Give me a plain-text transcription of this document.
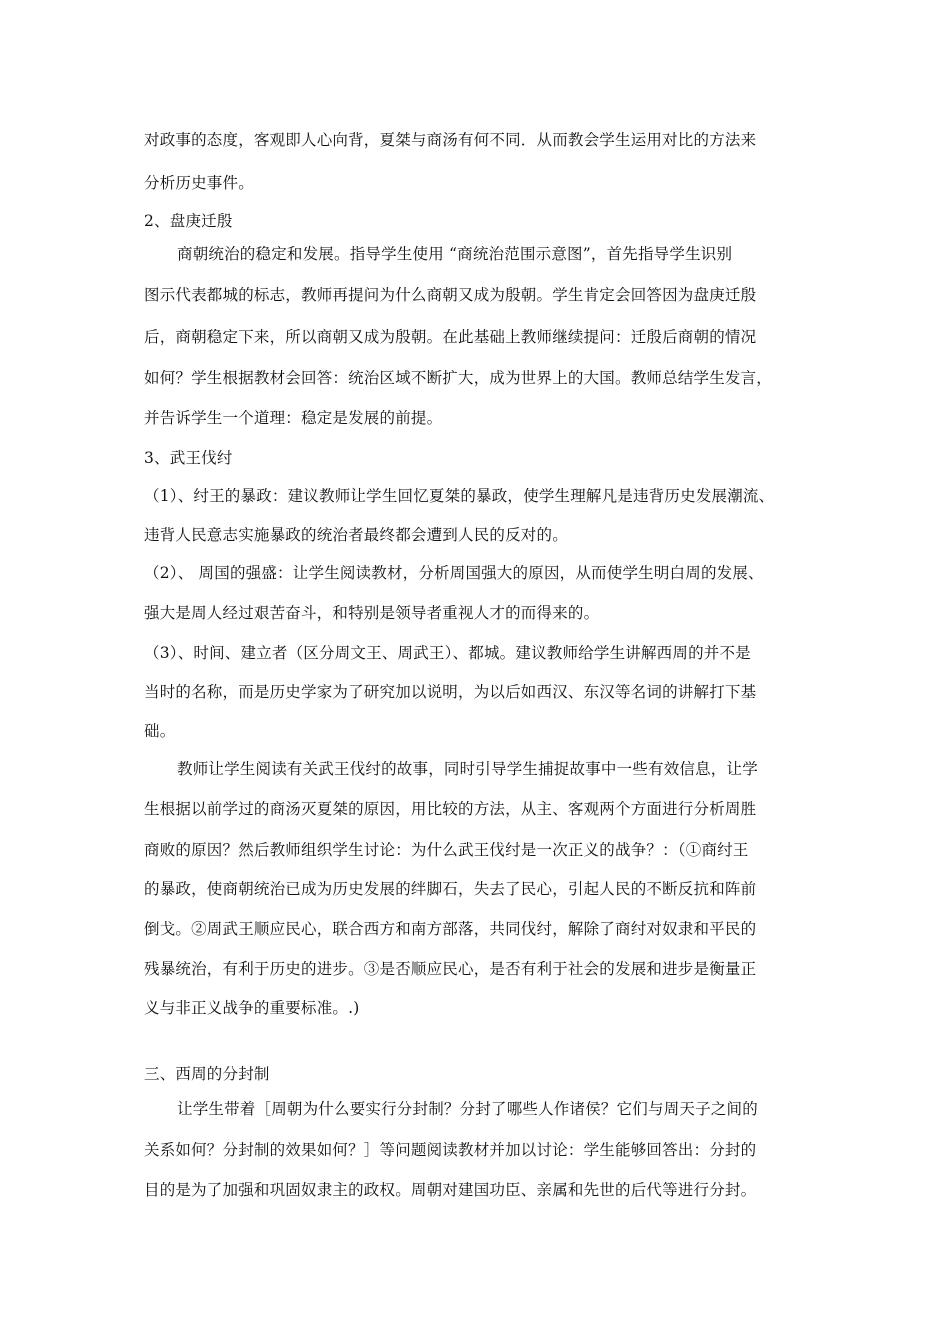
对政事的态度，客观即人心向背，夏桀与商汤有何不同．从而教会学生运用对比的方法来
分析历史事件。
2、盘庚迁殷
商朝统治的稳定和发展。指导学生使用 “商统治范围示意图”，首先指导学生识别
图示代表都城的标志，教师再提问为什么商朝又成为殷朝。学生肯定会回答因为盘庚迁殷
后，商朝稳定下来，所以商朝又成为殷朝。在此基础上教师继续提问：迁殷后商朝的情况
如何？学生根据教材会回答：统治区域不断扩大，成为世界上的大国。教师总结学生发言，
并告诉学生一个道理：稳定是发展的前提。
3、武王伐纣
（1）、纣王的暴政：建议教师让学生回忆夏桀的暴政，使学生理解凡是违背历史发展潮流、
违背人民意志实施暴政的统治者最终都会遭到人民的反对的。
（2）、 周国的强盛：让学生阅读教材，分析周国强大的原因，从而使学生明白周的发展、
强大是周人经过艰苦奋斗，和特别是领导者重视人才的而得来的。
（3）、时间、建立者（区分周文王、周武王）、都城。建议教师给学生讲解西周的并不是
当时的名称，而是历史学家为了研究加以说明，为以后如西汉、东汉等名词的讲解打下基
础。
教师让学生阅读有关武王伐纣的故事，同时引导学生捕捉故事中一些有效信息，让学
生根据以前学过的商汤灭夏桀的原因，用比较的方法，从主、客观两个方面进行分析周胜
商败的原因？然后教师组织学生讨论：为什么武王伐纣是一次正义的战争？：（①商纣王
的暴政，使商朝统治已成为历史发展的绊脚石，失去了民心，引起人民的不断反抗和阵前
倒戈。②周武王顺应民心，联合西方和南方部落，共同伐纣，解除了商纣对奴隶和平民的
残暴统治，有利于历史的进步。③是否顺应民心，是否有利于社会的发展和进步是衡量正
义与非正义战争的重要标准。.)
三、西周的分封制
让学生带着［周朝为什么要实行分封制？分封了哪些人作诸侯？它们与周天子之间的
关系如何？分封制的效果如何？］等问题阅读教材并加以讨论：学生能够回答出：分封的
目的是为了加强和巩固奴隶主的政权。周朝对建国功臣、亲属和先世的后代等进行分封。
